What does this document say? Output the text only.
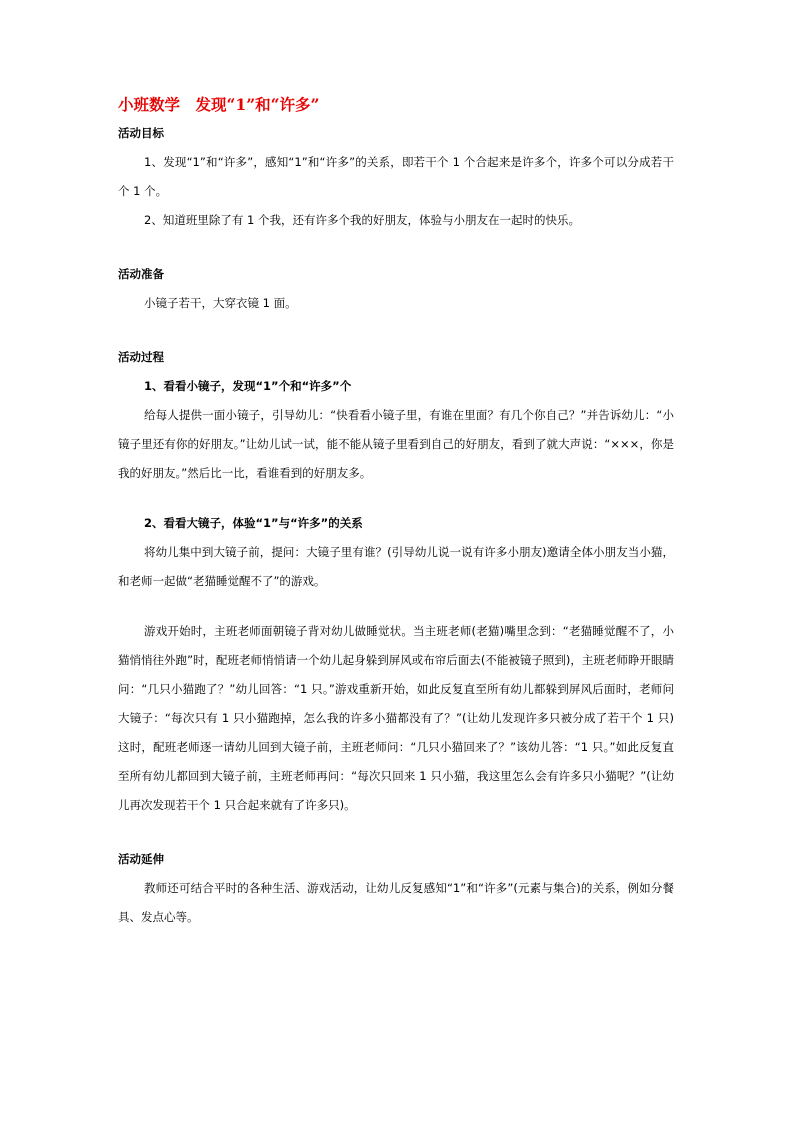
小班数学　发现“1”和“许多”
活动目标

1、发现“1”和“许多”，感知“1”和“许多”的关系，即若干个 1 个合起来是许多个，许多个可以分成若干个 1 个。

2、知道班里除了有 1 个我，还有许多个我的好朋友，体验与小朋友在一起时的快乐。

活动准备

小镜子若干，大穿衣镜 1 面。

活动过程

1、看看小镜子，发现“1”个和“许多”个

给每人提供一面小镜子，引导幼儿：“快看看小镜子里，有谁在里面？有几个你自己？”并告诉幼儿：“小镜子里还有你的好朋友。”让幼儿试一试，能不能从镜子里看到自己的好朋友，看到了就大声说：“×××，你是我的好朋友。”然后比一比，看谁看到的好朋友多。

2、看看大镜子，体验“1”与“许多”的关系

将幼儿集中到大镜子前，提问：大镜子里有谁？(引导幼儿说一说有许多小朋友)邀请全体小朋友当小猫，和老师一起做“老猫睡觉醒不了”的游戏。

游戏开始时，主班老师面朝镜子背对幼儿做睡觉状。当主班老师(老猫)嘴里念到：“老猫睡觉醒不了，小猫悄悄往外跑”时，配班老师悄悄请一个幼儿起身躲到屏风或布帘后面去(不能被镜子照到)，主班老师睁开眼睛问：“几只小猫跑了？”幼儿回答：“1 只。”游戏重新开始，如此反复直至所有幼儿都躲到屏风后面时，老师问大镜子：“每次只有 1 只小猫跑掉，怎么我的许多小猫都没有了？”(让幼儿发现许多只被分成了若干个 1 只)这时，配班老师逐一请幼儿回到大镜子前，主班老师问：“几只小猫回来了？”该幼儿答：“1 只。”如此反复直至所有幼儿都回到大镜子前，主班老师再问：“每次只回来 1 只小猫，我这里怎么会有许多只小猫呢？”(让幼儿再次发现若干个 1 只合起来就有了许多只)。

活动延伸

教师还可结合平时的各种生活、游戏活动，让幼儿反复感知“1”和“许多”(元素与集合)的关系，例如分餐具、发点心等。
